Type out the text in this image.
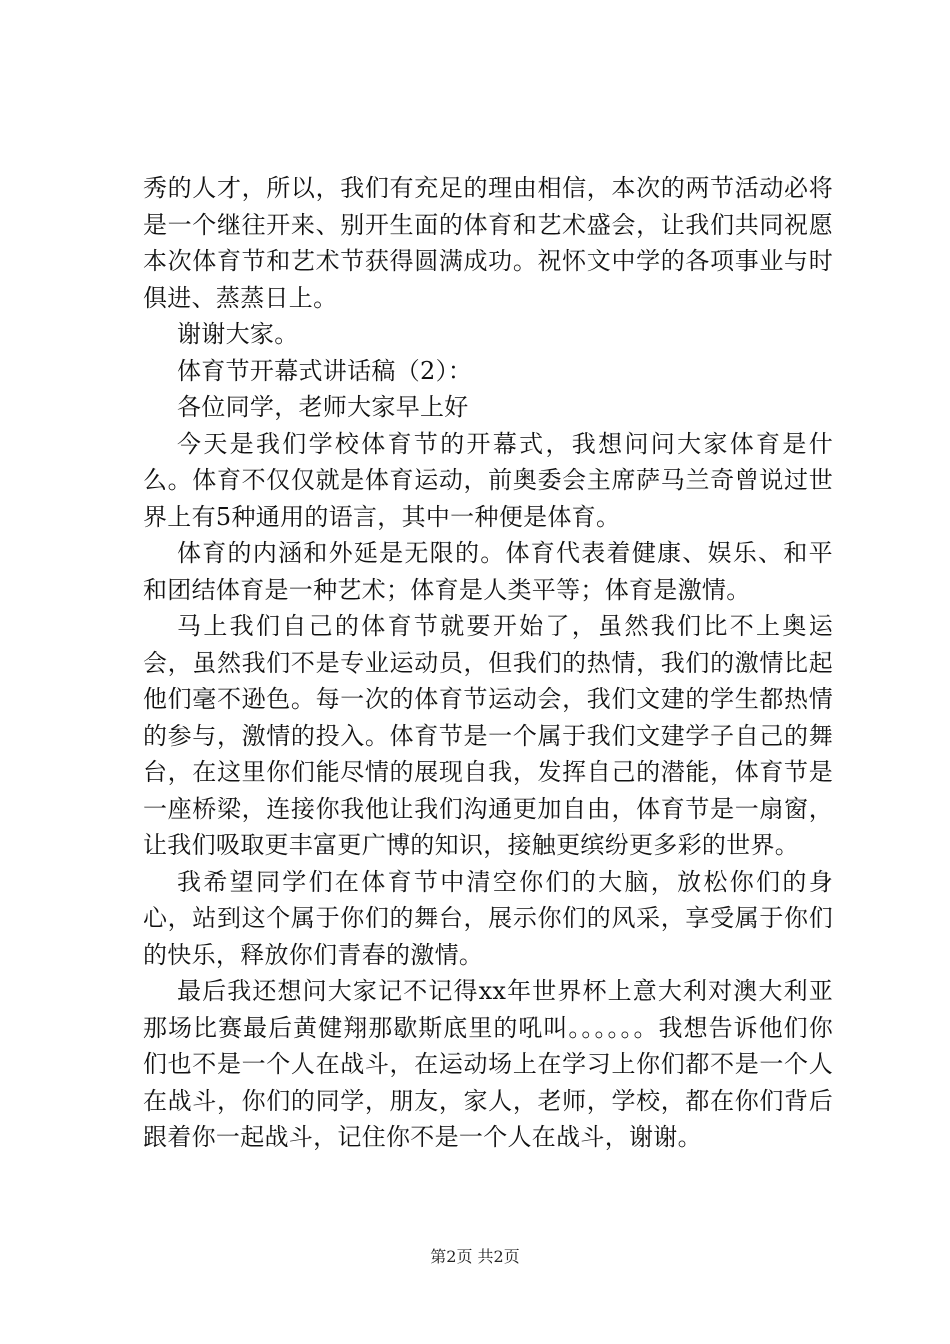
秀的人才，所以，我们有充足的理由相信，本次的两节活动必将是一个继往开来、别开生面的体育和艺术盛会，让我们共同祝愿本次体育节和艺术节获得圆满成功。祝怀文中学的各项事业与时俱进、蒸蒸日上。

谢谢大家。

体育节开幕式讲话稿（2）：

各位同学，老师大家早上好

今天是我们学校体育节的开幕式，我想问问大家体育是什么。体育不仅仅就是体育运动，前奥委会主席萨马兰奇曾说过世界上有5种通用的语言，其中一种便是体育。

体育的内涵和外延是无限的。体育代表着健康、娱乐、和平和团结体育是一种艺术；体育是人类平等；体育是激情。

马上我们自己的体育节就要开始了，虽然我们比不上奥运会，虽然我们不是专业运动员，但我们的热情，我们的激情比起他们毫不逊色。每一次的体育节运动会，我们文建的学生都热情的参与，激情的投入。体育节是一个属于我们文建学子自己的舞台，在这里你们能尽情的展现自我，发挥自己的潜能，体育节是一座桥梁，连接你我他让我们沟通更加自由，体育节是一扇窗，让我们吸取更丰富更广博的知识，接触更缤纷更多彩的世界。

我希望同学们在体育节中清空你们的大脑，放松你们的身心，站到这个属于你们的舞台，展示你们的风采，享受属于你们的快乐，释放你们青春的激情。

最后我还想问大家记不记得xx年世界杯上意大利对澳大利亚那场比赛最后黄健翔那歇斯底里的吼叫。。。。。。我想告诉他们你们也不是一个人在战斗，在运动场上在学习上你们都不是一个人在战斗，你们的同学，朋友，家人，老师，学校，都在你们背后跟着你一起战斗，记住你不是一个人在战斗，谢谢。

第2页 共2页
